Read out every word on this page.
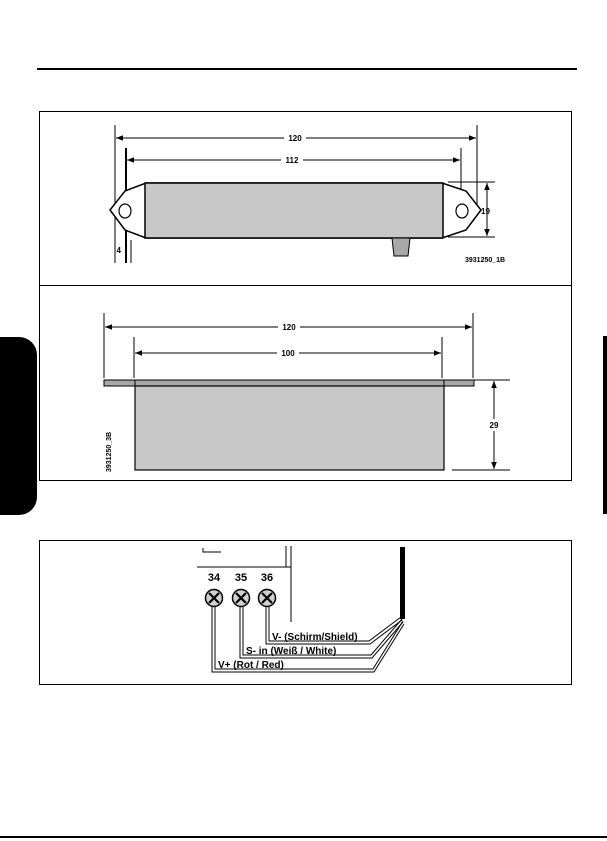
120
112
19
4
3931250_1B
120
100
29
3931250_3B
34 35 36
V- (Schirm/Shield)
S- in (Weiß / White)
V+ (Rot / Red)
